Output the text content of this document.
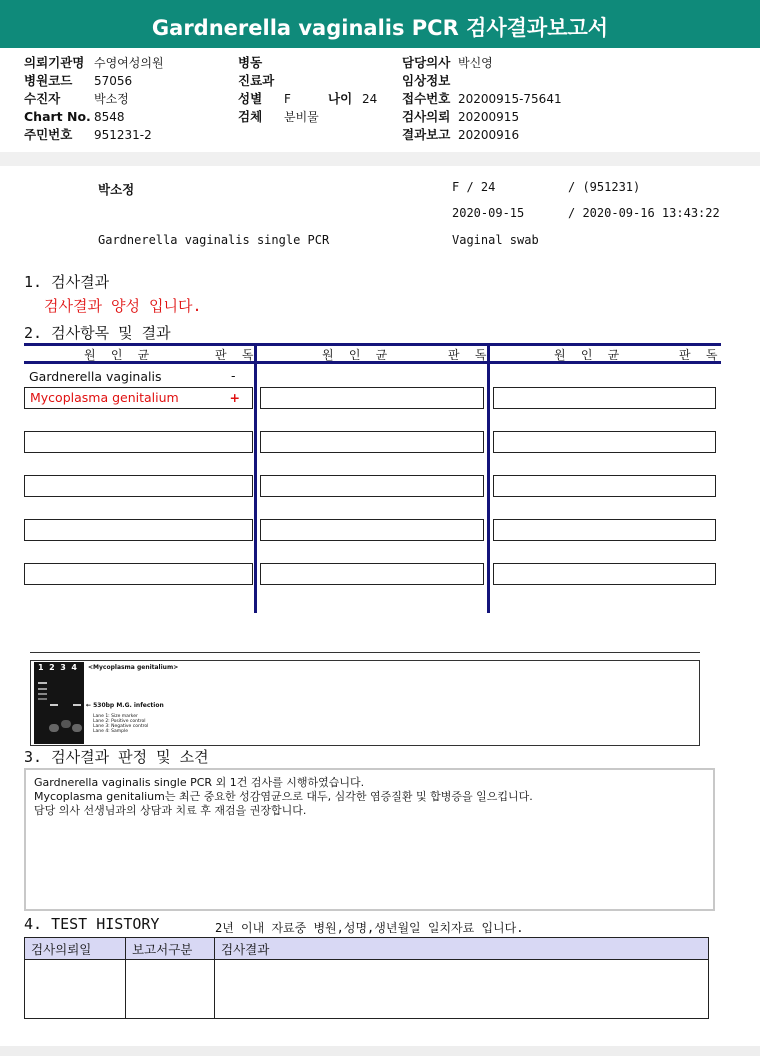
Gardnerella vaginalis PCR 검사결과보고서
의뢰기관명 수영여성의원
병원코드 57056
수진자	박소정
Chart No. 8548
주민번호 951231-2
병동
진료과
성별 F	나이 24
검체 분비물
담당의사 박신영
임상정보
접수번호 20200915-75641
검사의뢰 20200915
결과보고 20200916
박소정	F / 24	/ (951231)
2020-09-15	/ 2020-09-16 13:43:22
Gardnerella vaginalis single PCR	Vaginal swab
1. 검사결과
검사결과 양성 입니다.
2. 검사항목 및 결과
원 인 균	판 독	원 인 균	판 독	원 인 균	판 독
Gardnerella vaginalis	-
Mycoplasma genitalium	+
1  2  3  4 <Mycoplasma genitalium>
← 530bp M.G. infection
Lane 1: Size marker
Lane 2: Positive control
Lane 3: Negative control
Lane 4: Sample
3. 검사결과 판정 및 소견
Gardnerella vaginalis single PCR 외 1건 검사를 시행하였습니다.
Mycoplasma genitalium는 최근 중요한 성감염균으로 대두, 심각한 염증질환 및 합병증을 일으킵니다.
담당 의사 선생님과의 상담과 치료 후 재검을 권장합니다.
4. TEST HISTORY	2년 이내 자료중 병원,성명,생년월일 일치자료 입니다.
검사의뢰일	보고서구분	검사결과
